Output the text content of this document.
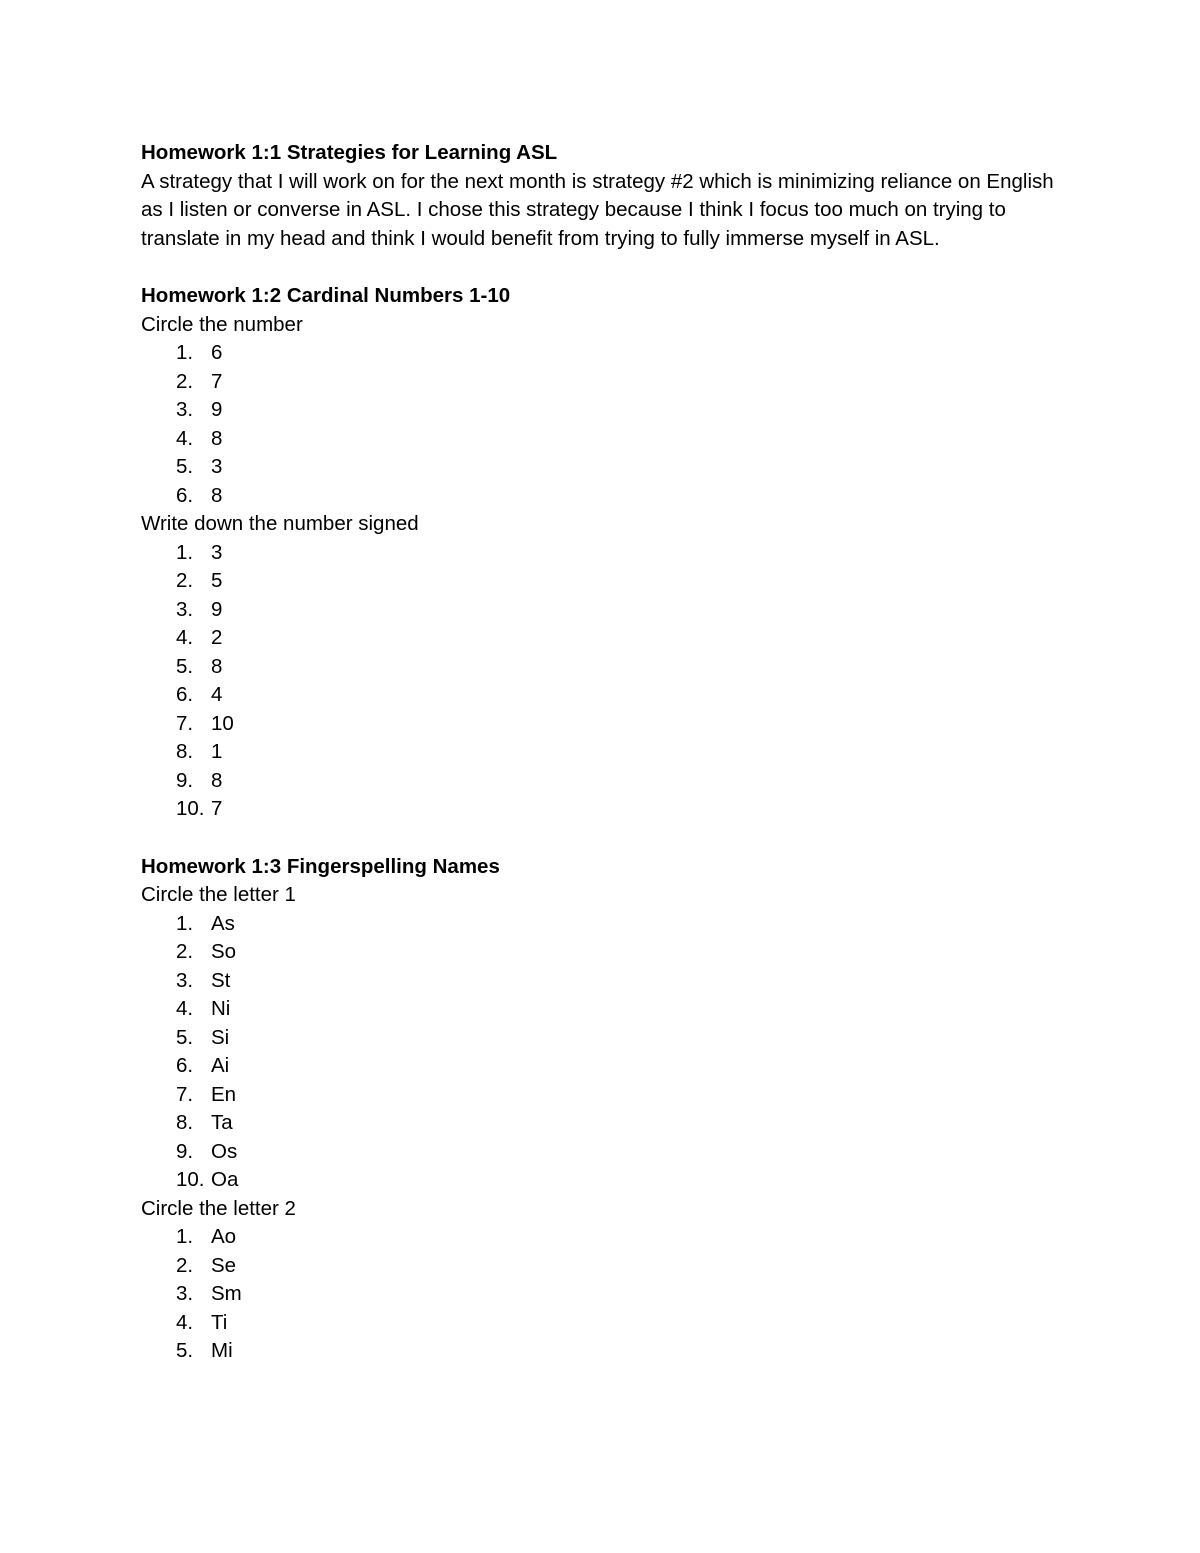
Homework 1:1 Strategies for Learning ASL

A strategy that I will work on for the next month is strategy #2 which is minimizing reliance on English as I listen or converse in ASL. I chose this strategy because I think I focus too much on trying to translate in my head and think I would benefit from trying to fully immerse myself in ASL.

Homework 1:2 Cardinal Numbers 1-10

Circle the number

1. 6
2. 7
3. 9
4. 8
5. 3
6. 8

Write down the number signed

1. 3
2. 5
3. 9
4. 2
5. 8
6. 4
7. 10
8. 1
9. 8
10. 7

Homework 1:3 Fingerspelling Names

Circle the letter 1

1. As
2. So
3. St
4. Ni
5. Si
6. Ai
7. En
8. Ta
9. Os
10. Oa

Circle the letter 2

1. Ao
2. Se
3. Sm
4. Ti
5. Mi
